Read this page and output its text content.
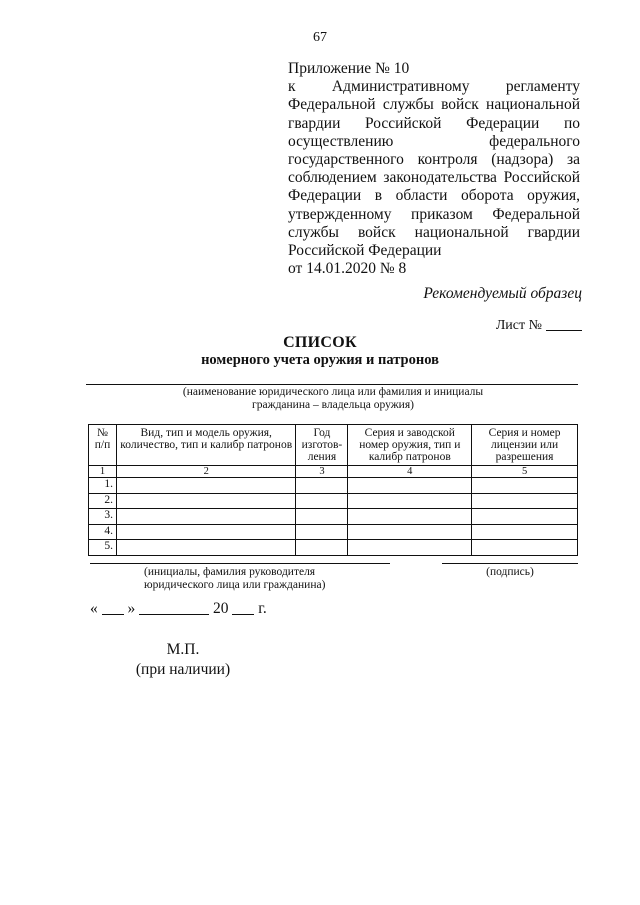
67
Приложение № 10
к Административному регламенту
Федеральной службы войск национальной
гвардии Российской Федерации по
осуществлению федерального
государственного контроля (надзора) за
соблюдением законодательства Российской
Федерации в области оборота оружия,
утвержденному приказом Федеральной
службы войск национальной гвардии
Российской Федерации
от 14.01.2020 № 8
Рекомендуемый образец
Лист №
СПИСОК
номерного учета оружия и патронов
(наименование юридического лица или фамилия и инициалы
гражданина – владельца оружия)
№ п/п	Вид, тип и модель оружия, количество, тип и калибр патронов	Год изготов-ления	Серия и заводской номер оружия, тип и калибр патронов	Серия и номер лицензии или разрешения
1	2	3	4	5
1.				
2.				
3.				
4.				
5.				
(инициалы, фамилия руководителя
юридического лица или гражданина)
(подпись)
« »	20 г.
М.П.
(при наличии)
